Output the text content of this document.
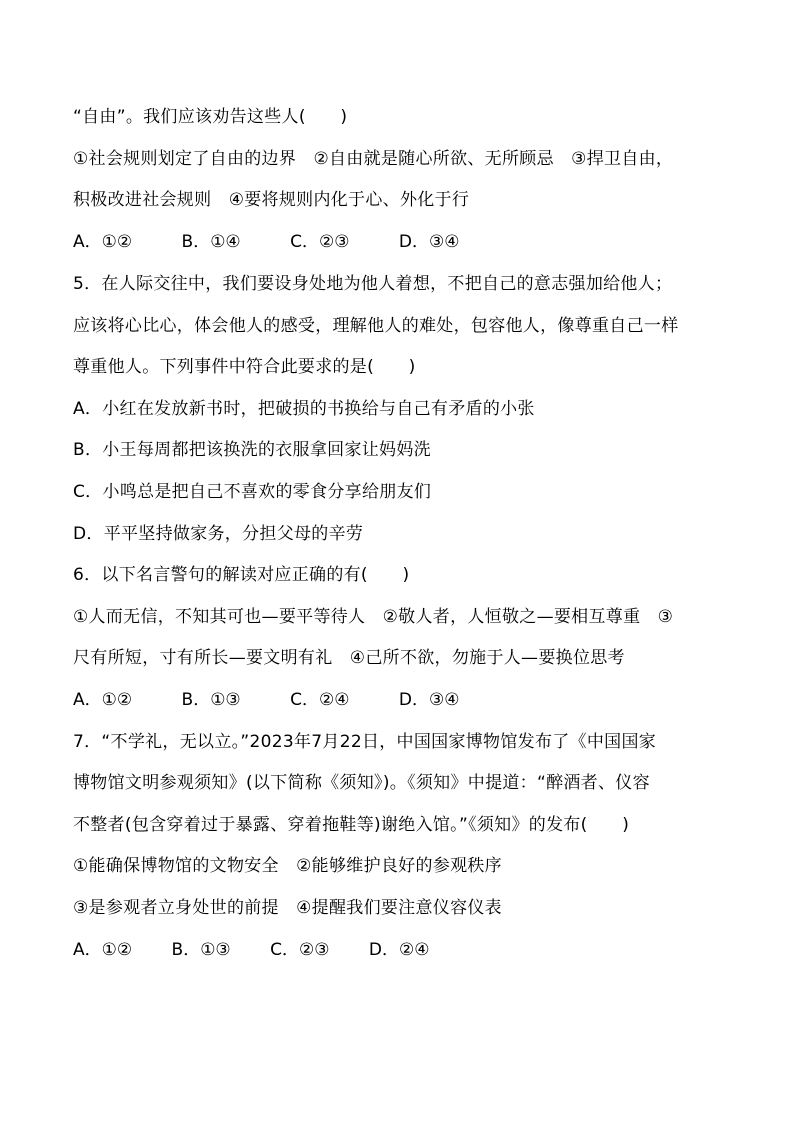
“自由”。我们应该劝告这些人(　　)
①社会规则划定了自由的边界　②自由就是随心所欲、无所顾忌　③捍卫自由，
积极改进社会规则　④要将规则内化于心、外化于行
A．①②	B．①④	C．②③	D．③④
5．在人际交往中，我们要设身处地为他人着想，不把自己的意志强加给他人；
应该将心比心，体会他人的感受，理解他人的难处，包容他人，像尊重自己一样
尊重他人。下列事件中符合此要求的是(　　)
A．小红在发放新书时，把破损的书换给与自己有矛盾的小张
B．小王每周都把该换洗的衣服拿回家让妈妈洗
C．小鸣总是把自己不喜欢的零食分享给朋友们
D．平平坚持做家务，分担父母的辛劳
6．以下名言警句的解读对应正确的有(　　)
①人而无信，不知其可也—要平等待人　②敬人者，人恒敬之—要相互尊重　③
尺有所短，寸有所长—要文明有礼　④己所不欲，勿施于人—要换位思考
A．①②	B．①③	C．②④	D．③④
7．“不学礼，无以立。”2023年7月22日，中国国家博物馆发布了《中国国家
博物馆文明参观须知》(以下简称《须知》)。《须知》中提道：“醉酒者、仪容
不整者(包含穿着过于暴露、穿着拖鞋等)谢绝入馆。”《须知》的发布(　　)
①能确保博物馆的文物安全　②能够维护良好的参观秩序
③是参观者立身处世的前提　④提醒我们要注意仪容仪表
A．①② B．①③ C．②③ D．②④
